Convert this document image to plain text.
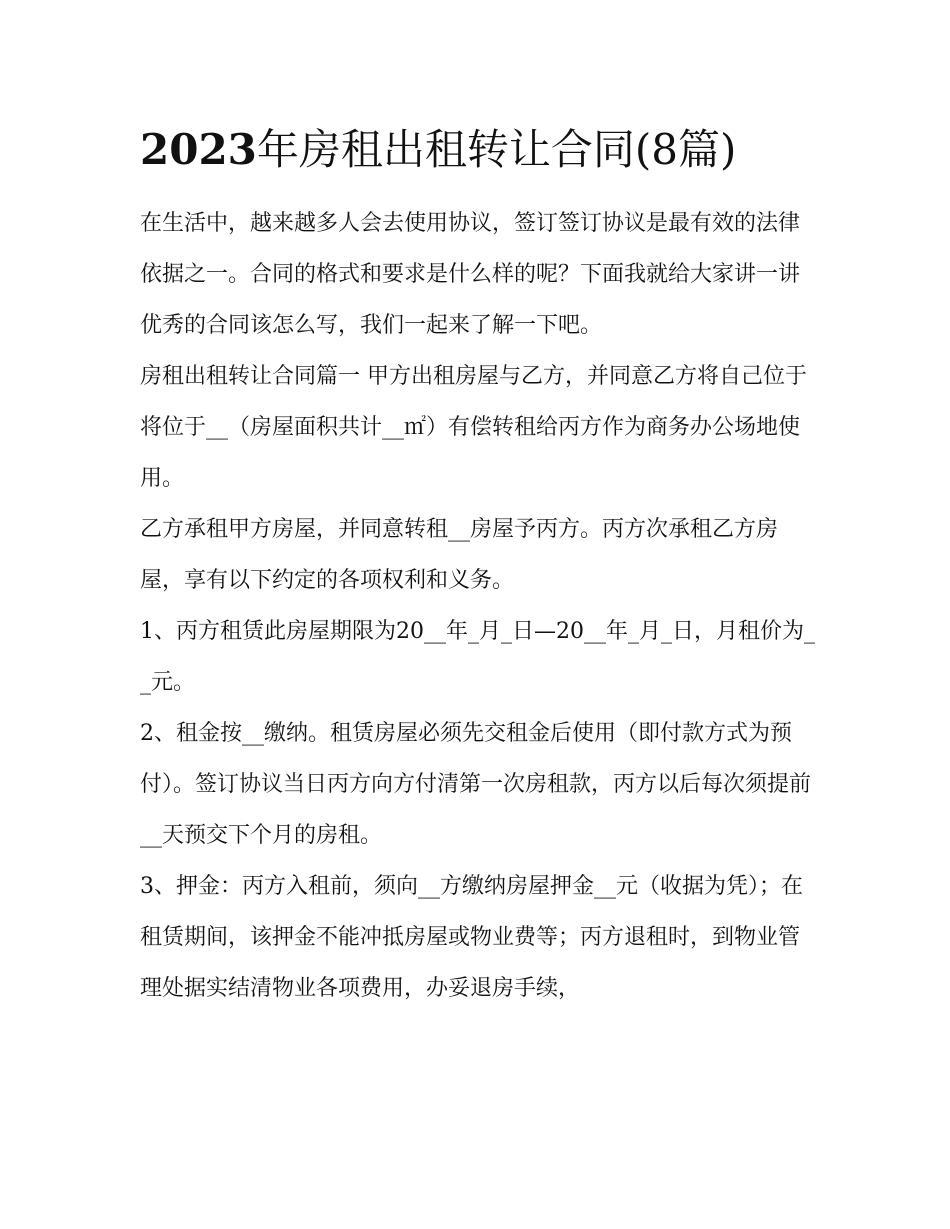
2023年房租出租转让合同(8篇)

在生活中，越来越多人会去使用协议，签订签订协议是最有效的法律依据之一。合同的格式和要求是什么样的呢？下面我就给大家讲一讲优秀的合同该怎么写，我们一起来了解一下吧。

房租出租转让合同篇一 甲方出租房屋与乙方，并同意乙方将自己位于将位于__（房屋面积共计__㎡）有偿转租给丙方作为商务办公场地使用。

乙方承租甲方房屋，并同意转租__房屋予丙方。丙方次承租乙方房屋，享有以下约定的各项权利和义务。

1、丙方租赁此房屋期限为20__年_月_日—20__年_月_日，月租价为__元。

2、租金按__缴纳。租赁房屋必须先交租金后使用（即付款方式为预付）。签订协议当日丙方向方付清第一次房租款，丙方以后每次须提前__天预交下个月的房租。

3、押金：丙方入租前，须向__方缴纳房屋押金__元（收据为凭）；在租赁期间，该押金不能冲抵房屋或物业费等；丙方退租时，到物业管理处据实结清物业各项费用，办妥退房手续，
